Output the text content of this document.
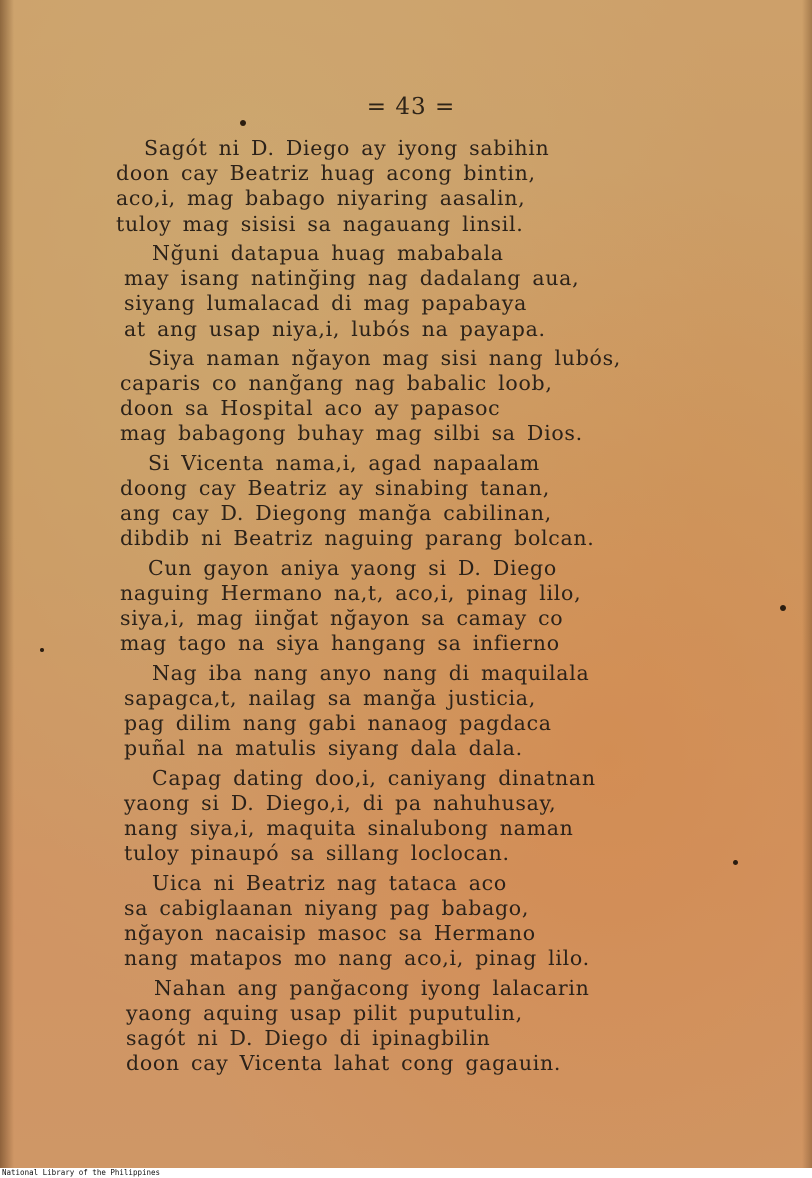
= 43 =
Sagót ni D. Diego ay iyong sabihin
doon cay Beatriz huag acong bintin,
aco,i, mag babago niyaring aasalin,
tuloy mag sisisi sa nagauang linsil.
Nğuni datapua huag mababala
may isang natinğing nag dadalang aua,
siyang lumalacad di mag papabaya
at ang usap niya,i, lubós na payapa.
Siya naman nğayon mag sisi nang lubós,
caparis co nanğang nag babalic loob,
doon sa Hospital aco ay papasoc
mag babagong buhay mag silbi sa Dios.
Si Vicenta nama,i, agad napaalam
doong cay Beatriz ay sinabing tanan,
ang cay D. Diegong manğa cabilinan,
dibdib ni Beatriz naguing parang bolcan.
Cun gayon aniya yaong si D. Diego
naguing Hermano na,t, aco,i, pinag lilo,
siya,i, mag iinğat nğayon sa camay co
mag tago na siya hangang sa infierno
Nag iba nang anyo nang di maquilala
sapagca,t, nailag sa manğa justicia,
pag dilim nang gabi nanaog pagdaca
puñal na matulis siyang dala dala.
Capag dating doo,i, caniyang dinatnan
yaong si D. Diego,i, di pa nahuhusay,
nang siya,i, maquita sinalubong naman
tuloy pinaupó sa sillang loclocan.
Uica ni Beatriz nag tataca aco
sa cabiglaanan niyang pag babago,
nğayon nacaisip masoc sa Hermano
nang matapos mo nang aco,i, pinag lilo.
Nahan ang panğacong iyong lalacarin
yaong aquing usap pilit puputulin,
sagót ni D. Diego di ipinagbilin
doon cay Vicenta lahat cong gagauin.
National Library of the Philippines
